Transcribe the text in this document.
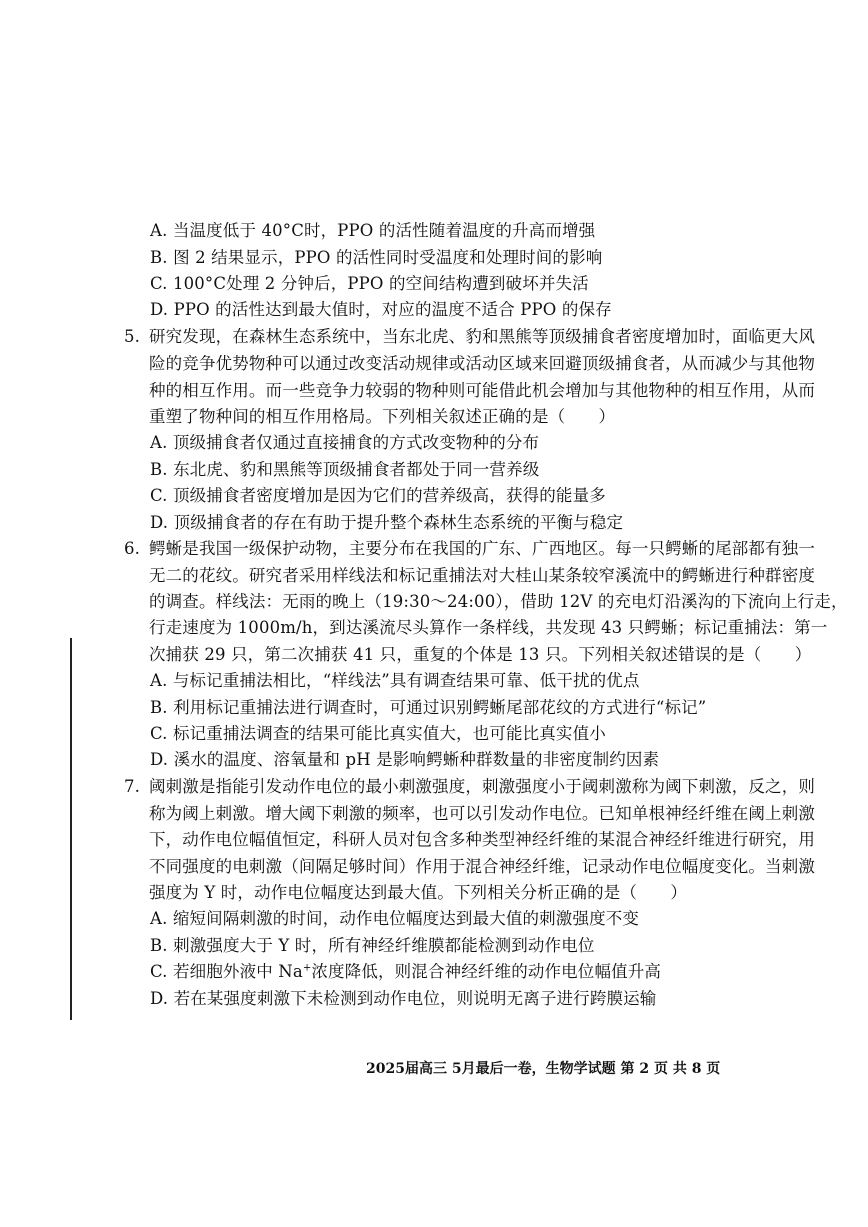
A. 当温度低于 40°C时，PPO 的活性随着温度的升高而增强
B. 图 2 结果显示，PPO 的活性同时受温度和处理时间的影响
C. 100°C处理 2 分钟后，PPO 的空间结构遭到破坏并失活
D. PPO 的活性达到最大值时，对应的温度不适合 PPO 的保存
5. 研究发现，在森林生态系统中，当东北虎、豹和黑熊等顶级捕食者密度增加时，面临更大风
险的竞争优势物种可以通过改变活动规律或活动区域来回避顶级捕食者，从而减少与其他物
种的相互作用。而一些竞争力较弱的物种则可能借此机会增加与其他物种的相互作用，从而
重塑了物种间的相互作用格局。下列相关叙述正确的是（　　）
A. 顶级捕食者仅通过直接捕食的方式改变物种的分布
B. 东北虎、豹和黑熊等顶级捕食者都处于同一营养级
C. 顶级捕食者密度增加是因为它们的营养级高，获得的能量多
D. 顶级捕食者的存在有助于提升整个森林生态系统的平衡与稳定
6. 鳄蜥是我国一级保护动物，主要分布在我国的广东、广西地区。每一只鳄蜥的尾部都有独一
无二的花纹。研究者采用样线法和标记重捕法对大桂山某条较窄溪流中的鳄蜥进行种群密度
的调查。样线法：无雨的晚上（19:30～24:00），借助 12V 的充电灯沿溪沟的下流向上行走，
行走速度为 1000m/h，到达溪流尽头算作一条样线，共发现 43 只鳄蜥；标记重捕法：第一
次捕获 29 只，第二次捕获 41 只，重复的个体是 13 只。下列相关叙述错误的是（　　）
A. 与标记重捕法相比，“样线法”具有调查结果可靠、低干扰的优点
B. 利用标记重捕法进行调查时，可通过识别鳄蜥尾部花纹的方式进行“标记”
C. 标记重捕法调查的结果可能比真实值大，也可能比真实值小
D. 溪水的温度、溶氧量和 pH 是影响鳄蜥种群数量的非密度制约因素
7. 阈刺激是指能引发动作电位的最小刺激强度，刺激强度小于阈刺激称为阈下刺激，反之，则
称为阈上刺激。增大阈下刺激的频率，也可以引发动作电位。已知单根神经纤维在阈上刺激
下，动作电位幅值恒定，科研人员对包含多种类型神经纤维的某混合神经纤维进行研究，用
不同强度的电刺激（间隔足够时间）作用于混合神经纤维，记录动作电位幅度变化。当刺激
强度为 Y 时，动作电位幅度达到最大值。下列相关分析正确的是（　　）
A. 缩短间隔刺激的时间，动作电位幅度达到最大值的刺激强度不变
B. 刺激强度大于 Y 时，所有神经纤维膜都能检测到动作电位
C. 若细胞外液中 Na+浓度降低，则混合神经纤维的动作电位幅值升高
D. 若在某强度刺激下未检测到动作电位，则说明无离子进行跨膜运输
2025届高三 5月最后一卷，生物学试题 第 2 页 共 8 页
